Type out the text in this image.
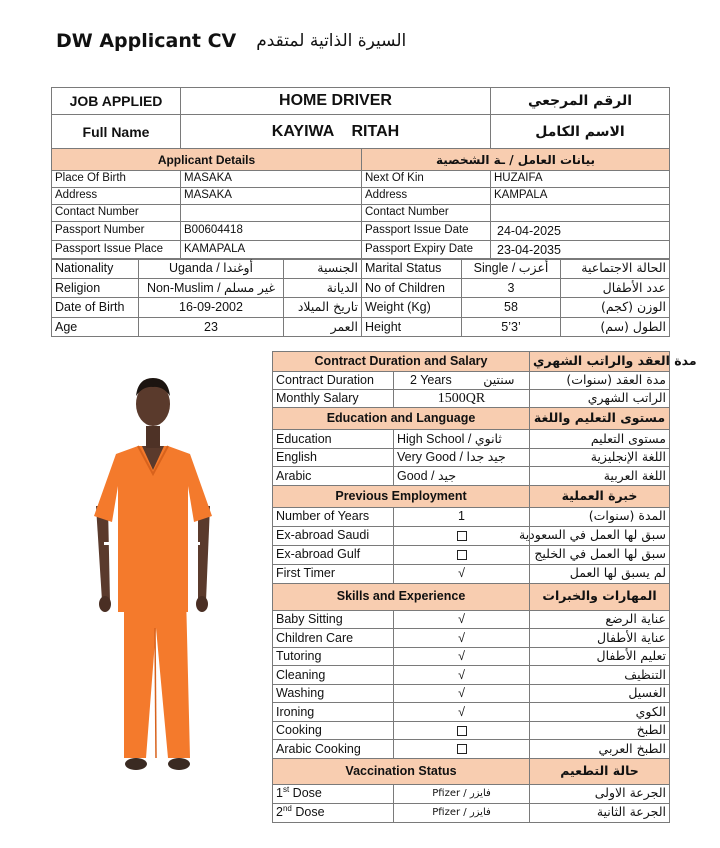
DW Applicant CV السيرة الذاتية لمتقدم
JOB APPLIED	HOME DRIVER		الرقم المرجعي
Full Name	KAYIWA    RITAH		الاسم الكامل
Applicant Details		بيانات العامل / ـة الشخصية	
Place Of Birth	MASAKA	Next Of Kin	HUZAIFA
Address	MASAKA	Address	KAMPALA
Contact Number		Contact Number	
Passport Number	B00604418	Passport Issue Date	24-04-2025
Passport Issue Place	KAMAPALA	Passport Expiry Date	23-04-2035
Nationality	Uganda / أوغندا	الجنسية	Marital Status	Single / أعزب	الحالة الاجتماعية
Religion	Non-Muslim / غير مسلم	الديانة	No of Children	3	عدد الأطفال
Date of Birth	16-09-2002	تاريخ الميلاد	Weight (Kg)	58	الوزن (كجم)
Age	23	العمر	Height	5’3’	الطول (سم)
Contract Duration and Salary		مدة العقد والراتب الشهري
Contract Duration	2 Years سنتين	مدة العقد (سنوات)
Monthly Salary	1500QR	الراتب الشهري
Education and Language		مستوى التعليم واللغة
Education	High School / ثانوي	مستوى التعليم
English	Very Good / جيد جدا	اللغة الإنجليزية
Arabic	Good / جيد	اللغة العربية
Previous Employment		خبرة العملية
Number of Years	1	المدة (سنوات)
Ex-abroad Saudi		سبق لها العمل في السعودية
Ex-abroad Gulf		سبق لها العمل في الخليج
First Timer	√	لم يسبق لها العمل
Skills and Experience		المهارات والخبرات
Baby Sitting	√	عناية الرضع
Children Care	√	عناية الأطفال
Tutoring	√	تعليم الأطفال
Cleaning	√	التنظيف
Washing	√	الغسيل
Ironing	√	الكوي
Cooking		الطبخ
Arabic Cooking		الطبخ العربي
Vaccination Status		حالة التطعيم
1st Dose	Pfizer / فايزر	الجرعة الاولى
2nd Dose	Pfizer / فايزر	الجرعة الثانية
